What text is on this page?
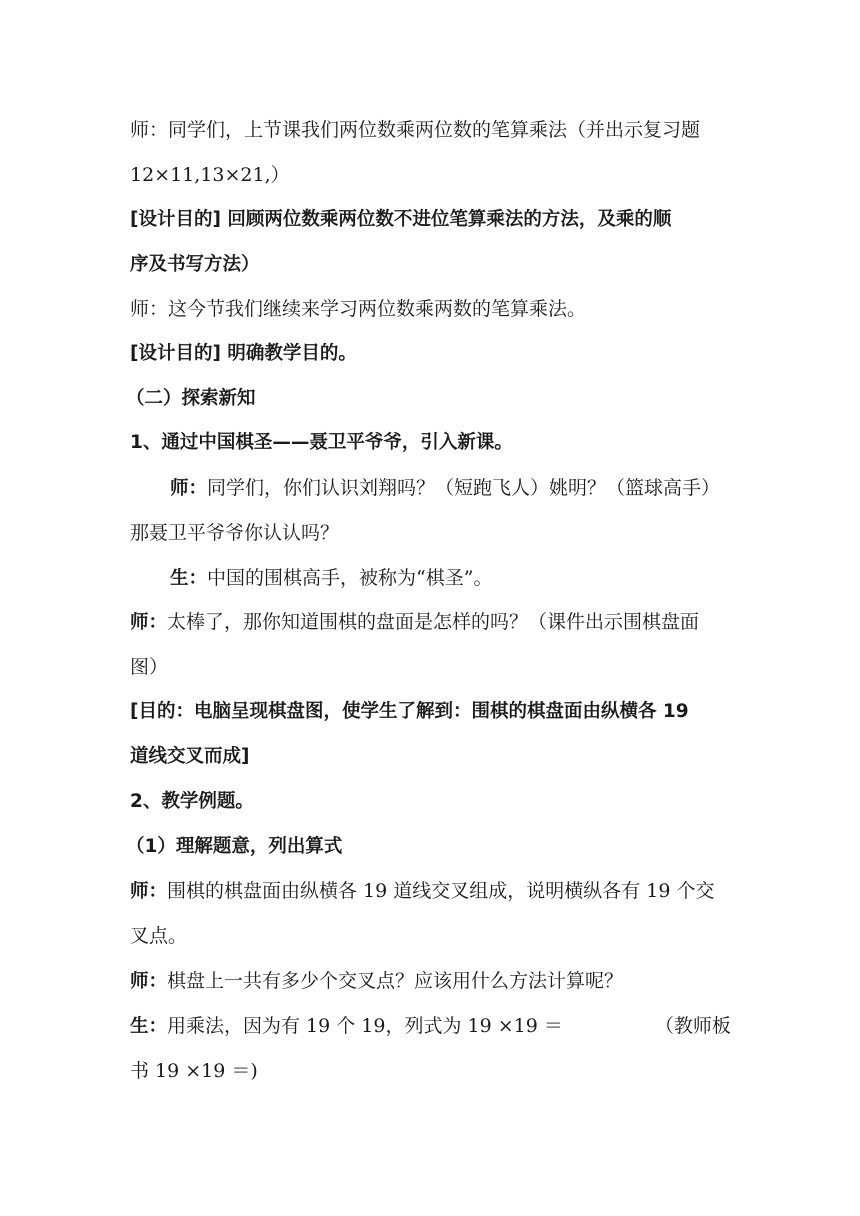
师：同学们，上节课我们两位数乘两位数的笔算乘法（并出示复习题
12×11,13×21,）
[设计目的] 回顾两位数乘两位数不进位笔算乘法的方法，及乘的顺
序及书写方法）
师：这今节我们继续来学习两位数乘两数的笔算乘法。
[设计目的] 明确教学目的。
（二）探索新知
1、通过中国棋圣——聂卫平爷爷，引入新课。
师：同学们，你们认识刘翔吗？（短跑飞人）姚明？（篮球高手）
那聂卫平爷爷你认认吗？
生：中国的围棋高手，被称为“棋圣”。
师：太棒了，那你知道围棋的盘面是怎样的吗？（课件出示围棋盘面
图）
[目的：电脑呈现棋盘图，使学生了解到：围棋的棋盘面由纵横各 19
道线交叉而成]
2、教学例题。
（1）理解题意，列出算式
师：围棋的棋盘面由纵横各 19 道线交叉组成，说明横纵各有 19 个交
叉点。
师：棋盘上一共有多少个交叉点？应该用什么方法计算呢？
生：用乘法，因为有 19 个 19，列式为 19 ×19 ＝	（教师板
书 19 ×19 ＝)
